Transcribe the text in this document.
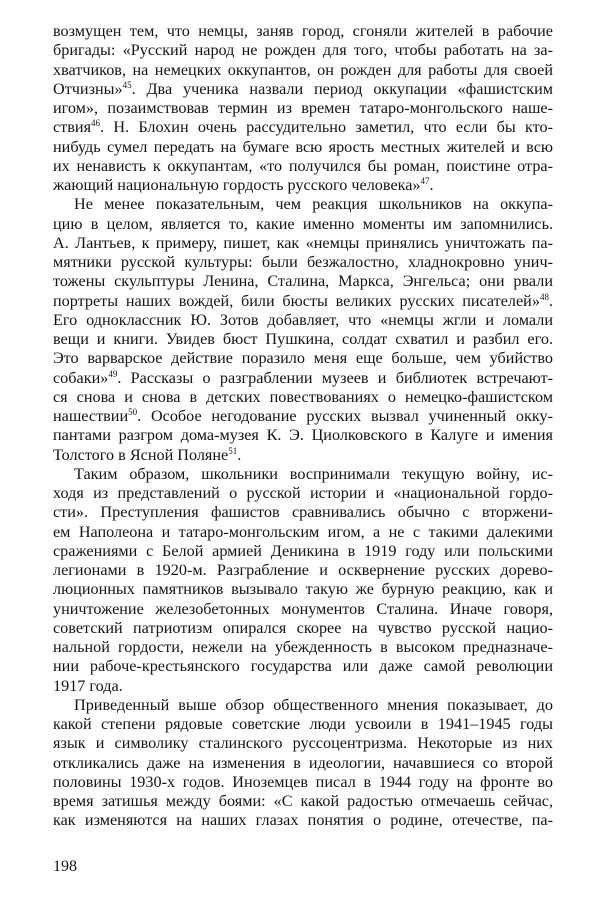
возмущен тем, что немцы, заняв город, сгоняли жителей в рабочие
бригады: «Русский народ не рожден для того, чтобы работать на за-
хватчиков, на немецких оккупантов, он рожден для работы для своей
Отчизны»$^{45}$. Два ученика назвали период оккупации «фашистским
игом», позаимствовав термин из времен татаро-монгольского наше-
ствия$^{46}$. Н. Блохин очень рассудительно заметил, что если бы кто-
нибудь сумел передать на бумаге всю ярость местных жителей и всю
их ненависть к оккупантам, «то получился бы роман, поистине отра-
жающий национальную гордость русского человека»$^{47}$.
Не менее показательным, чем реакция школьников на оккупа-
цию в целом, является то, какие именно моменты им запомнились.
А. Лантьев, к примеру, пишет, как «немцы принялись уничтожать па-
мятники русской культуры: были безжалостно, хладнокровно унич-
тожены скульптуры Ленина, Сталина, Маркса, Энгельса; они рвали
портреты наших вождей, били бюсты великих русских писателей»$^{48}$.
Его одноклассник Ю. Зотов добавляет, что «немцы жгли и ломали
вещи и книги. Увидев бюст Пушкина, солдат схватил и разбил его.
Это варварское действие поразило меня еще больше, чем убийство
собаки»$^{49}$. Рассказы о разграблении музеев и библиотек встречают-
ся снова и снова в детских повествованиях о немецко-фашистском
нашествии$^{50}$. Особое негодование русских вызвал учиненный окку-
пантами разгром дома-музея К. Э. Циолковского в Калуге и имения
Толстого в Ясной Поляне$^{51}$.
Таким образом, школьники воспринимали текущую войну, ис-
ходя из представлений о русской истории и «национальной гордо-
сти». Преступления фашистов сравнивались обычно с вторжени-
ем Наполеона и татаро-монгольским игом, а не с такими далекими
сражениями с Белой армией Деникина в 1919 году или польскими
легионами в 1920-м. Разграбление и осквернение русских дорево-
люционных памятников вызывало такую же бурную реакцию, как и
уничтожение железобетонных монументов Сталина. Иначе говоря,
советский патриотизм опирался скорее на чувство русской нацио-
нальной гордости, нежели на убежденность в высоком предназначе-
нии рабоче-крестьянского государства или даже самой революции
1917 года.
Приведенный выше обзор общественного мнения показывает, до
какой степени рядовые советские люди усвоили в 1941–1945 годы
язык и символику сталинского руссоцентризма. Некоторые из них
откликались даже на изменения в идеологии, начавшиеся со второй
половины 1930-х годов. Иноземцев писал в 1944 году на фронте во
время затишья между боями: «С какой радостью отмечаешь сейчас,
как изменяются на наших глазах понятия о родине, отечестве, па-
198
